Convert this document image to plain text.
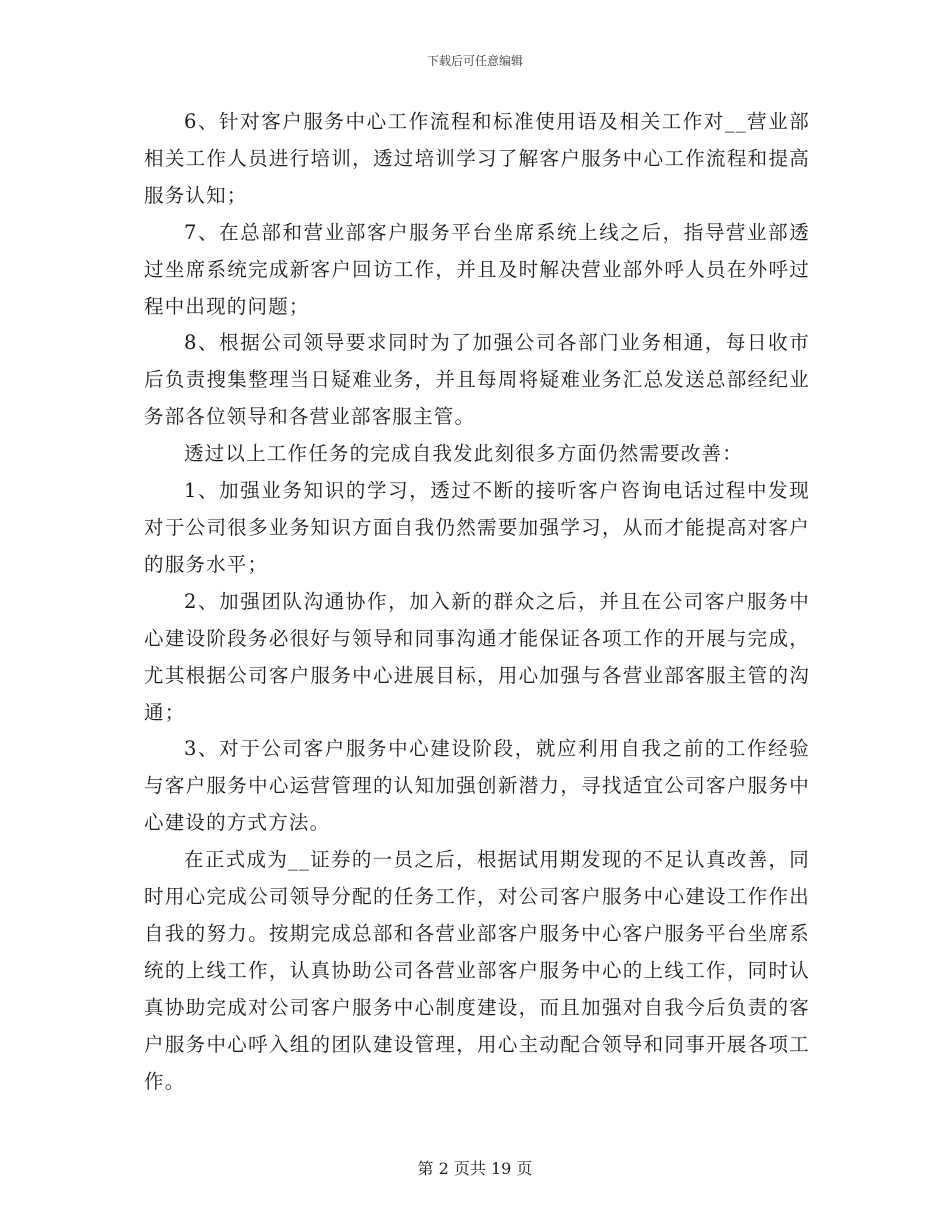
下载后可任意编辑

6、针对客户服务中心工作流程和标准使用语及相关工作对__营业部相关工作人员进行培训，透过培训学习了解客户服务中心工作流程和提高服务认知；

7、在总部和营业部客户服务平台坐席系统上线之后，指导营业部透过坐席系统完成新客户回访工作，并且及时解决营业部外呼人员在外呼过程中出现的问题；

8、根据公司领导要求同时为了加强公司各部门业务相通，每日收市后负责搜集整理当日疑难业务，并且每周将疑难业务汇总发送总部经纪业务部各位领导和各营业部客服主管。

透过以上工作任务的完成自我发此刻很多方面仍然需要改善：

1、加强业务知识的学习，透过不断的接听客户咨询电话过程中发现对于公司很多业务知识方面自我仍然需要加强学习，从而才能提高对客户的服务水平；

2、加强团队沟通协作，加入新的群众之后，并且在公司客户服务中心建设阶段务必很好与领导和同事沟通才能保证各项工作的开展与完成，尤其根据公司客户服务中心进展目标，用心加强与各营业部客服主管的沟通；

3、对于公司客户服务中心建设阶段，就应利用自我之前的工作经验与客户服务中心运营管理的认知加强创新潜力，寻找适宜公司客户服务中心建设的方式方法。

在正式成为__证券的一员之后，根据试用期发现的不足认真改善，同时用心完成公司领导分配的任务工作，对公司客户服务中心建设工作作出自我的努力。按期完成总部和各营业部客户服务中心客户服务平台坐席系统的上线工作，认真协助公司各营业部客户服务中心的上线工作，同时认真协助完成对公司客户服务中心制度建设，而且加强对自我今后负责的客户服务中心呼入组的团队建设管理，用心主动配合领导和同事开展各项工作。

第 2 页共 19 页
